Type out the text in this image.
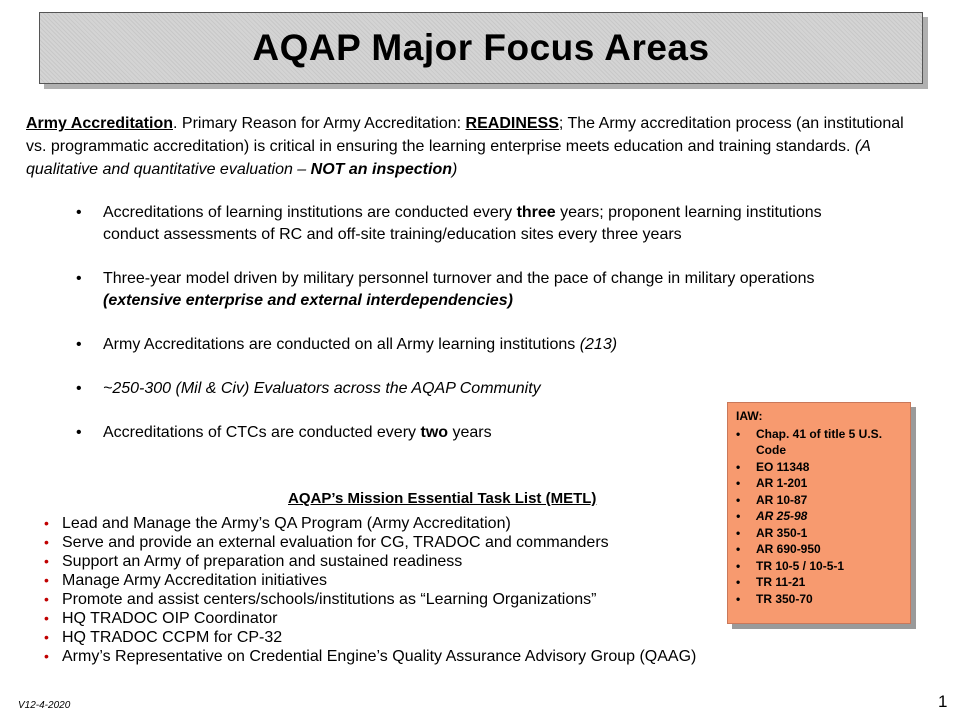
AQAP Major Focus Areas
Army Accreditation. Primary Reason for Army Accreditation: READINESS; The Army accreditation process (an institutional vs. programmatic accreditation) is critical in ensuring the learning enterprise meets education and training standards. (A qualitative and quantitative evaluation – NOT an inspection)
• Accreditations of learning institutions are conducted every three years; proponent learning institutions conduct assessments of RC and off-site training/education sites every three years
• Three-year model driven by military personnel turnover and the pace of change in military operations (extensive enterprise and external interdependencies)
• Army Accreditations are conducted on all Army learning institutions (213)
• ~250-300 (Mil & Civ) Evaluators across the AQAP Community
• Accreditations of CTCs are conducted every two years
AQAP’s Mission Essential Task List (METL)
• Lead and Manage the Army’s QA Program (Army Accreditation)
• Serve and provide an external evaluation for CG, TRADOC and commanders
• Support an Army of preparation and sustained readiness
• Manage Army Accreditation initiatives
• Promote and assist centers/schools/institutions as “Learning Organizations”
• HQ TRADOC OIP Coordinator
• HQ TRADOC CCPM for CP-32
• Army’s Representative on Credential Engine’s Quality Assurance Advisory Group (QAAG)
IAW:
• Chap. 41 of title 5 U.S. Code
• EO 11348
• AR 1-201
• AR 10-87
• AR 25-98
• AR 350-1
• AR 690-950
• TR 10-5 / 10-5-1
• TR 11-21
• TR 350-70
V12-4-2020	1
